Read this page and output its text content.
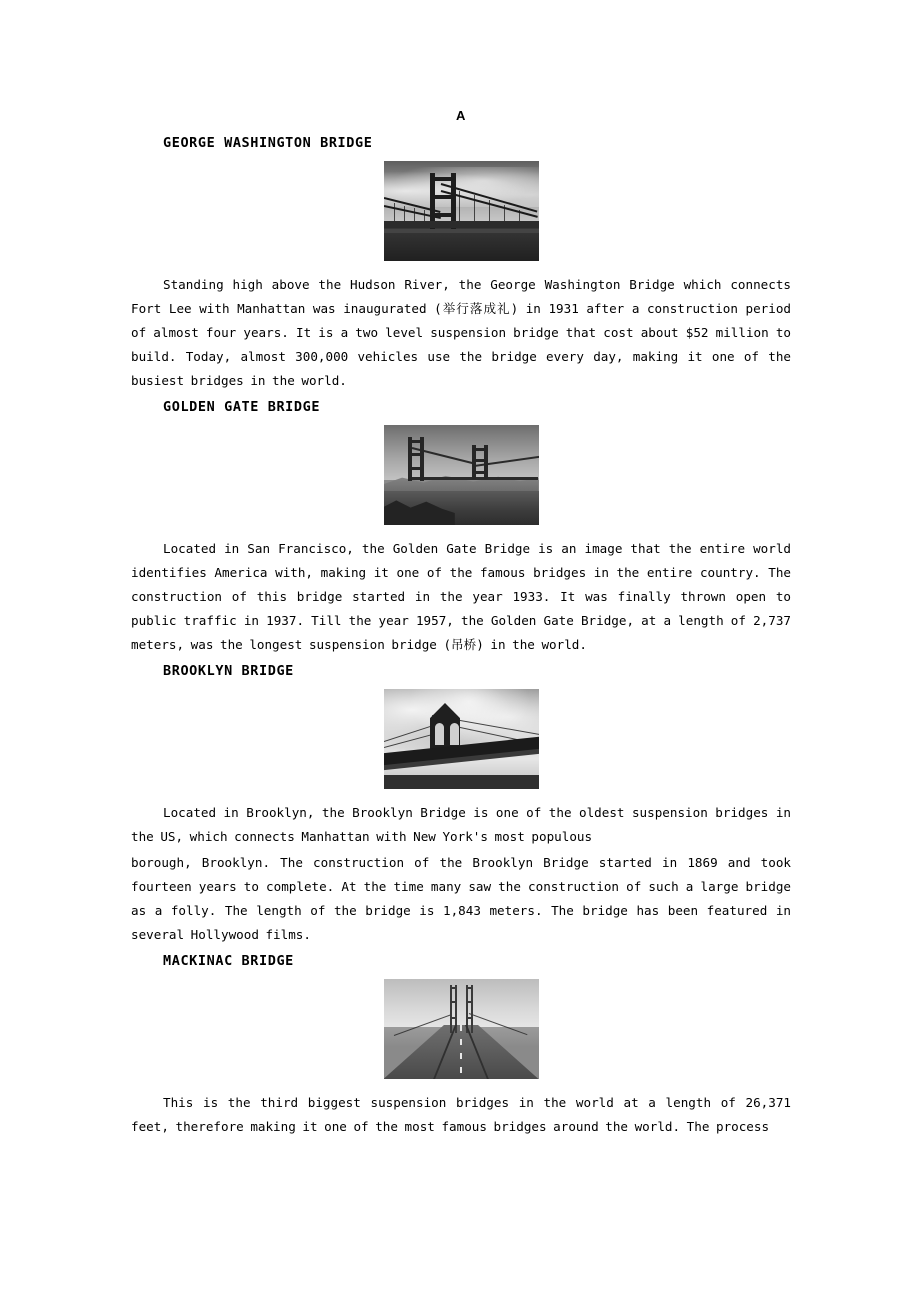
A
GEORGE WASHINGTON BRIDGE
Standing high above the Hudson River, the George Washington Bridge which connects Fort Lee with Manhattan was inaugurated (举行落成礼) in 1931 after a construction period of almost four years. It is a two level suspension bridge that cost about $52 million to build. Today, almost 300,000 vehicles use the bridge every day, making it one of the busiest bridges in the world.
GOLDEN GATE BRIDGE
Located in San Francisco, the Golden Gate Bridge is an image that the entire world identifies America with, making it one of the famous bridges in the entire country. The construction of this bridge started in the year 1933. It was finally thrown open to public traffic in 1937. Till the year 1957, the Golden Gate Bridge, at a length of 2,737 meters, was the longest suspension bridge (吊桥) in the world.
BROOKLYN BRIDGE
Located in Brooklyn, the Brooklyn Bridge is one of the oldest suspension bridges in the US, which connects Manhattan with New York's most populous
borough, Brooklyn. The construction of the Brooklyn Bridge started in 1869 and took fourteen years to complete. At the time many saw the construction of such a large bridge as a folly. The length of the bridge is 1,843 meters. The bridge has been featured in several Hollywood films.
MACKINAC BRIDGE
This is the third biggest suspension bridges in the world at a length of 26,371 feet, therefore making it one of the most famous bridges around the world. The process
